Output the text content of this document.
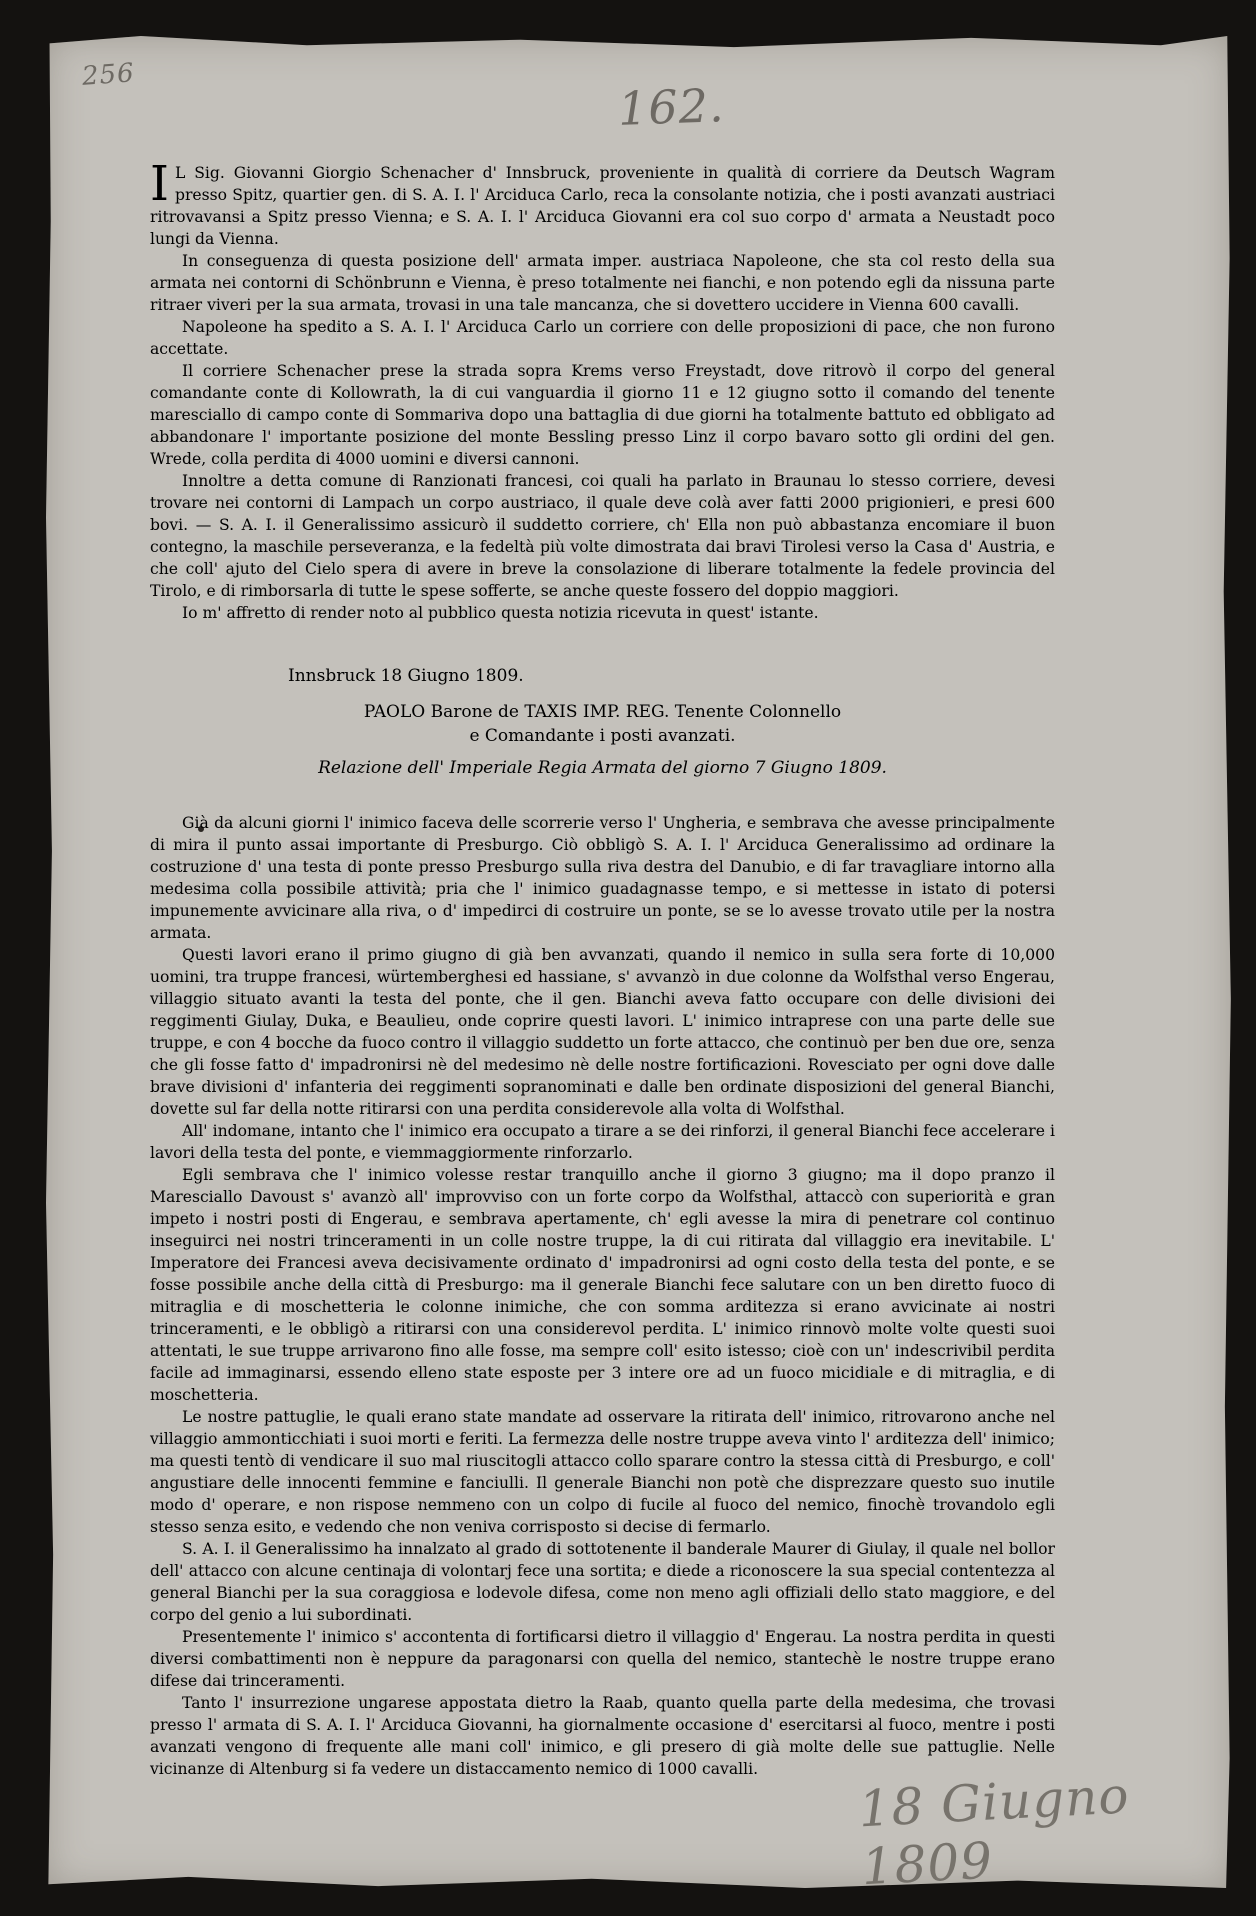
256
162.

I L Sig. Giovanni Giorgio Schenacher d' Innsbruck, proveniente in qualità di corriere da Deutsch Wagram presso Spitz, quartier gen. di S. A. I. l' Arciduca Carlo, reca la consolante notizia, che i posti avanzati austriaci ritrovavansi a Spitz presso Vienna; e S. A. I. l' Arciduca Giovanni era col suo corpo d' armata a Neustadt poco lungi da Vienna.

In conseguenza di questa posizione dell' armata imper. austriaca Napoleone, che sta col resto della sua armata nei contorni di Schönbrunn e Vienna, è preso totalmente nei fianchi, e non potendo egli da nissuna parte ritraer viveri per la sua armata, trovasi in una tale mancanza, che si dovettero uccidere in Vienna 600 cavalli.

Napoleone ha spedito a S. A. I. l' Arciduca Carlo un corriere con delle proposizioni di pace, che non furono accettate.

Il corriere Schenacher prese la strada sopra Krems verso Freystadt, dove ritrovò il corpo del general comandante conte di Kollowrath, la di cui vanguardia il giorno 11 e 12 giugno sotto il comando del tenente maresciallo di campo conte di Sommariva dopo una battaglia di due giorni ha totalmente battuto ed obbligato ad abbandonare l' importante posizione del monte Bessling presso Linz il corpo bavaro sotto gli ordini del gen. Wrede, colla perdita di 4000 uomini e diversi cannoni.

Innoltre a detta comune di Ranzionati francesi, coi quali ha parlato in Braunau lo stesso corriere, devesi trovare nei contorni di Lampach un corpo austriaco, il quale deve colà aver fatti 2000 prigionieri, e presi 600 bovi. — S. A. I. il Generalissimo assicurò il suddetto corriere, ch' Ella non può abbastanza encomiare il buon contegno, la maschile perseveranza, e la fedeltà più volte dimostrata dai bravi Tirolesi verso la Casa d' Austria, e che coll' ajuto del Cielo spera di avere in breve la consolazione di liberare totalmente la fedele provincia del Tirolo, e di rimborsarla di tutte le spese sofferte, se anche queste fossero del doppio maggiori.

Io m' affretto di render noto al pubblico questa notizia ricevuta in quest' istante.

Innsbruck 18 Giugno 1809.
PAOLO Barone de TAXIS IMP. REG. Tenente Colonnello
e Comandante i posti avanzati.
Relazione dell' Imperiale Regia Armata del giorno 7 Giugno 1809.

Già da alcuni giorni l' inimico faceva delle scorrerie verso l' Ungheria, e sembrava che avesse principalmente di mira il punto assai importante di Presburgo. Ciò obbligò S. A. I. l' Arciduca Generalissimo ad ordinare la costruzione d' una testa di ponte presso Presburgo sulla riva destra del Danubio, e di far travagliare intorno alla medesima colla possibile attività; pria che l' inimico guadagnasse tempo, e si mettesse in istato di potersi impunemente avvicinare alla riva, o d' impedirci di costruire un ponte, se se lo avesse trovato utile per la nostra armata.

Questi lavori erano il primo giugno di già ben avvanzati, quando il nemico in sulla sera forte di 10,000 uomini, tra truppe francesi, würtemberghesi ed hassiane, s' avvanzò in due colonne da Wolfsthal verso Engerau, villaggio situato avanti la testa del ponte, che il gen. Bianchi aveva fatto occupare con delle divisioni dei reggimenti Giulay, Duka, e Beaulieu, onde coprire questi lavori. L' inimico intraprese con una parte delle sue truppe, e con 4 bocche da fuoco contro il villaggio suddetto un forte attacco, che continuò per ben due ore, senza che gli fosse fatto d' impadronirsi nè del medesimo nè delle nostre fortificazioni. Rovesciato per ogni dove dalle brave divisioni d' infanteria dei reggimenti sopranominati e dalle ben ordinate disposizioni del general Bianchi, dovette sul far della notte ritirarsi con una perdita considerevole alla volta di Wolfsthal.

All' indomane, intanto che l' inimico era occupato a tirare a se dei rinforzi, il general Bianchi fece accelerare i lavori della testa del ponte, e viemmaggiormente rinforzarlo.

Egli sembrava che l' inimico volesse restar tranquillo anche il giorno 3 giugno; ma il dopo pranzo il Maresciallo Davoust s' avanzò all' improvviso con un forte corpo da Wolfsthal, attaccò con superiorità e gran impeto i nostri posti di Engerau, e sembrava apertamente, ch' egli avesse la mira di penetrare col continuo inseguirci nei nostri trinceramenti in un colle nostre truppe, la di cui ritirata dal villaggio era inevitabile. L' Imperatore dei Francesi aveva decisivamente ordinato d' impadronirsi ad ogni costo della testa del ponte, e se fosse possibile anche della città di Presburgo: ma il generale Bianchi fece salutare con un ben diretto fuoco di mitraglia e di moschetteria le colonne inimiche, che con somma arditezza si erano avvicinate ai nostri trinceramenti, e le obbligò a ritirarsi con una considerevol perdita. L' inimico rinnovò molte volte questi suoi attentati, le sue truppe arrivarono fino alle fosse, ma sempre coll' esito istesso; cioè con un' indescrivibil perdita facile ad immaginarsi, essendo elleno state esposte per 3 intere ore ad un fuoco micidiale e di mitraglia, e di moschetteria.

Le nostre pattuglie, le quali erano state mandate ad osservare la ritirata dell' inimico, ritrovarono anche nel villaggio ammonticchiati i suoi morti e feriti. La fermezza delle nostre truppe aveva vinto l' arditezza dell' inimico; ma questi tentò di vendicare il suo mal riuscitogli attacco collo sparare contro la stessa città di Presburgo, e coll' angustiare delle innocenti femmine e fanciulli. Il generale Bianchi non potè che disprezzare questo suo inutile modo d' operare, e non rispose nemmeno con un colpo di fucile al fuoco del nemico, finochè trovandolo egli stesso senza esito, e vedendo che non veniva corrisposto si decise di fermarlo.

S. A. I. il Generalissimo ha innalzato al grado di sottotenente il banderale Maurer di Giulay, il quale nel bollor dell' attacco con alcune centinaja di volontarj fece una sortita; e diede a riconoscere la sua special contentezza al general Bianchi per la sua coraggiosa e lodevole difesa, come non meno agli offiziali dello stato maggiore, e del corpo del genio a lui subordinati.

Presentemente l' inimico s' accontenta di fortificarsi dietro il villaggio d' Engerau. La nostra perdita in questi diversi combattimenti non è neppure da paragonarsi con quella del nemico, stantechè le nostre truppe erano difese dai trinceramenti.

Tanto l' insurrezione ungarese appostata dietro la Raab, quanto quella parte della medesima, che trovasi presso l' armata di S. A. I. l' Arciduca Giovanni, ha giornalmente occasione d' esercitarsi al fuoco, mentre i posti avanzati vengono di frequente alle mani coll' inimico, e gli presero di già molte delle sue pattuglie. Nelle vicinanze di Altenburg si fa vedere un distaccamento nemico di 1000 cavalli.	18 Giugno 1809
